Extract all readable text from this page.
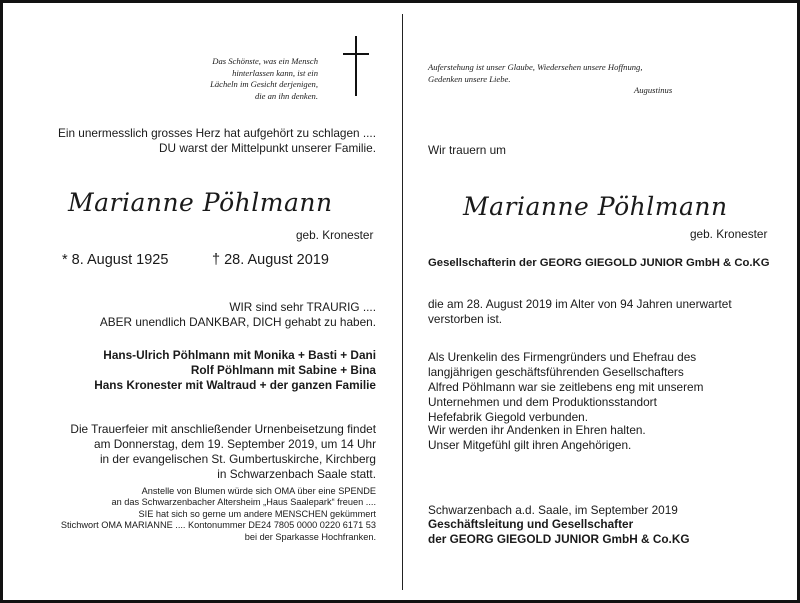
Das Schönste, was ein Mensch
hinterlassen kann, ist ein
Lächeln im Gesicht derjenigen,
die an ihn denken.
Ein unermesslich grosses Herz hat aufgehört zu schlagen ....
DU warst der Mittelpunkt unserer Familie.
Marianne Pöhlmann
geb. Kronester
* 8. August 1925	† 28. August 2019
WIR sind sehr TRAURIG ....
ABER unendlich DANKBAR, DICH gehabt zu haben.
Hans-Ulrich Pöhlmann mit Monika + Basti + Dani
Rolf Pöhlmann mit Sabine + Bina
Hans Kronester mit Waltraud + der ganzen Familie
Die Trauerfeier mit anschließender Urnenbeisetzung findet
am Donnerstag, dem 19. September 2019, um 14 Uhr
in der evangelischen St. Gumbertuskirche, Kirchberg
in Schwarzenbach Saale statt.
Anstelle von Blumen würde sich OMA über eine SPENDE
an das Schwarzenbacher Altersheim „Haus Saalepark“ freuen ....
SIE hat sich so gerne um andere MENSCHEN gekümmert
Stichwort OMA MARIANNE .... Kontonummer DE24 7805 0000 0220 6171 53
bei der Sparkasse Hochfranken.
Auferstehung ist unser Glaube, Wiedersehen unsere Hoffnung,
Gedenken unsere Liebe.
Augustinus
Wir trauern um
Marianne Pöhlmann
geb. Kronester
Gesellschafterin der GEORG GIEGOLD JUNIOR GmbH & Co.KG
die am 28. August 2019 im Alter von 94 Jahren unerwartet
verstorben ist.
Als Urenkelin des Firmengründers und Ehefrau des
langjährigen geschäftsführenden Gesellschafters
Alfred Pöhlmann war sie zeitlebens eng mit unserem
Unternehmen und dem Produktionsstandort
Hefefabrik Giegold verbunden.
Wir werden ihr Andenken in Ehren halten.
Unser Mitgefühl gilt ihren Angehörigen.
Schwarzenbach a.d. Saale, im September 2019
Geschäftsleitung und Gesellschafter
der GEORG GIEGOLD JUNIOR GmbH & Co.KG
